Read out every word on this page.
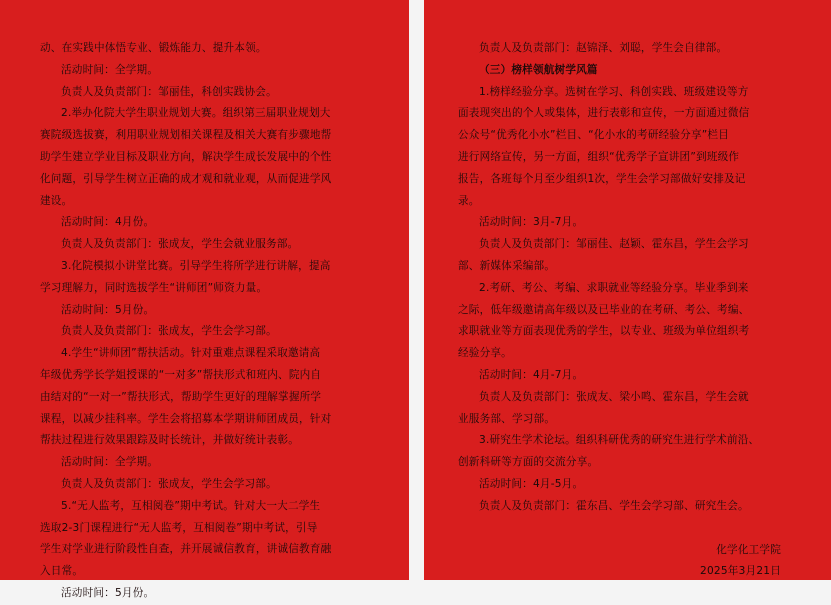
动、在实践中体悟专业、锻炼能力、提升本领。
活动时间：全学期。
负责人及负责部门：邹丽佳，科创实践协会。
2.举办化院大学生职业规划大赛。组织第三届职业规划大
赛院级选拔赛，利用职业规划相关课程及相关大赛有步骤地帮
助学生建立学业目标及职业方向，解决学生成长发展中的个性
化问题，引导学生树立正确的成才观和就业观，从而促进学风
建设。
活动时间：4月份。
负责人及负责部门：张成友，学生会就业服务部。
3.化院模拟小讲堂比赛。引导学生将所学进行讲解，提高
学习理解力，同时选拔学生“讲师团”师资力量。
活动时间：5月份。
负责人及负责部门：张成友，学生会学习部。
4.学生“讲师团”帮扶活动。针对重难点课程采取邀请高
年级优秀学长学姐授课的“一对多”帮扶形式和班内、院内自
由结对的“一对一”帮扶形式，帮助学生更好的理解掌握所学
课程，以减少挂科率。学生会将招募本学期讲师团成员，针对
帮扶过程进行效果跟踪及时长统计，并做好统计表彰。
活动时间：全学期。
负责人及负责部门：张成友，学生会学习部。
5.“无人监考，互相阅卷”期中考试。针对大一大二学生
选取2-3门课程进行“无人监考，互相阅卷”期中考试，引导
学生对学业进行阶段性自查，并开展诚信教育，讲诚信教育融
入日常。
活动时间：5月份。
负责人及负责部门：赵锦泽、刘聪，学生会自律部。
（三）榜样领航树学风篇
1.榜样经验分享。选树在学习、科创实践、班级建设等方
面表现突出的个人或集体，进行表彰和宣传，一方面通过微信
公众号“优秀化小水”栏目、“化小水的考研经验分享”栏目
进行网络宣传，另一方面，组织“优秀学子宣讲团”到班级作
报告，各班每个月至少组织1次，学生会学习部做好安排及记
录。
活动时间：3月-7月。
负责人及负责部门：邹丽佳、赵颖、霍东昌，学生会学习
部、新媒体采编部。
2.考研、考公、考编、求职就业等经验分享。毕业季到来
之际，低年级邀请高年级以及已毕业的在考研、考公、考编、
求职就业等方面表现优秀的学生，以专业、班级为单位组织考
经验分享。
活动时间：4月-7月。
负责人及负责部门：张成友、梁小鸣、霍东昌，学生会就
业服务部、学习部。
3.研究生学术论坛。组织科研优秀的研究生进行学术前沿、
创新科研等方面的交流分享。
活动时间：4月-5月。
负责人及负责部门：霍东昌、学生会学习部、研究生会。
化学化工学院
2025年3月21日
